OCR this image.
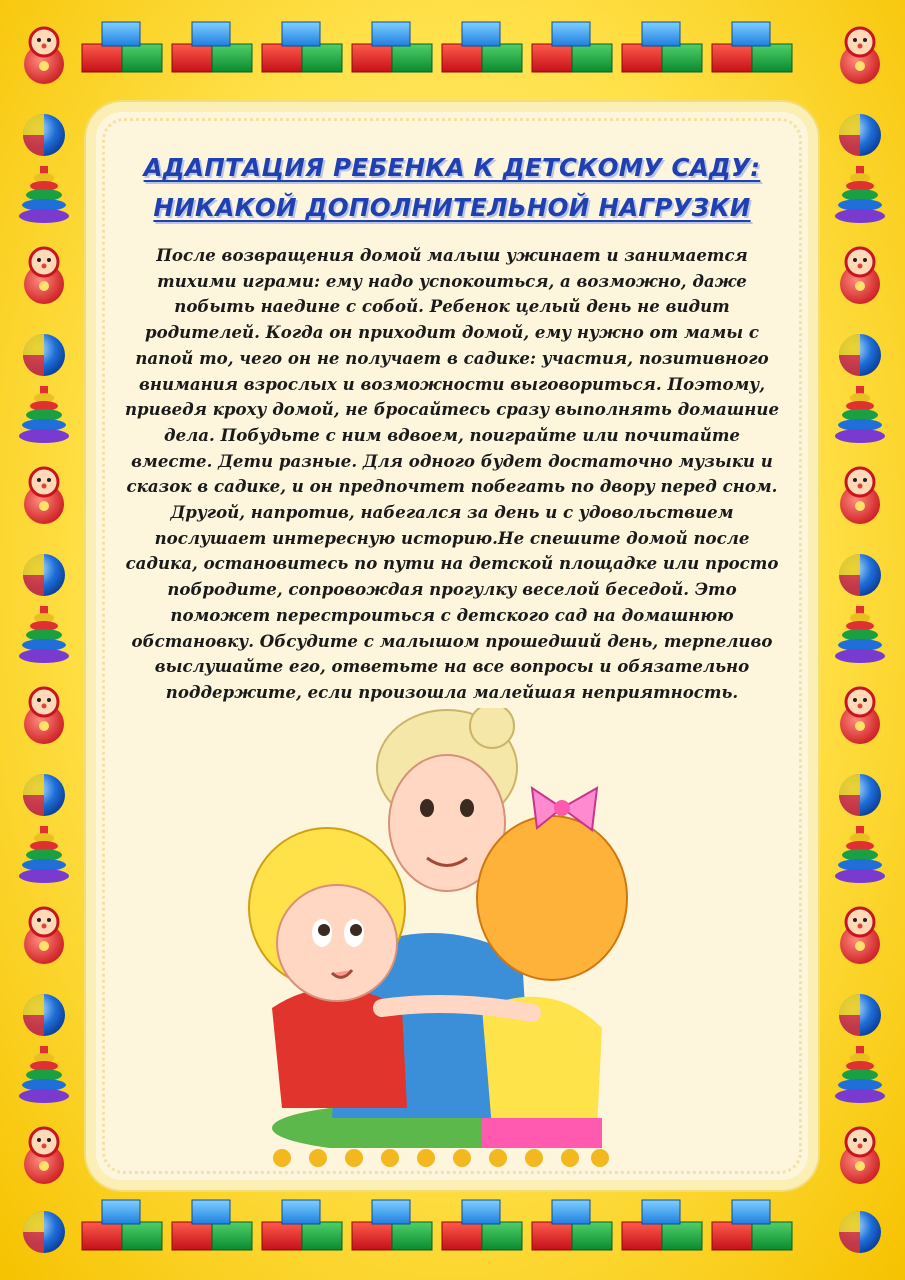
АДАПТАЦИЯ РЕБЕНКА К ДЕТСКОМУ САДУ:
НИКАКОЙ ДОПОЛНИТЕЛЬНОЙ НАГРУЗКИ

После возвращения домой малыш ужинает и занимается тихими играми: ему надо успокоиться, а возможно, даже побыть наедине с собой. Ребенок целый день не видит родителей. Когда он приходит домой, ему нужно от мамы с папой то, чего он не получает в садике: участия, позитивного внимания взрослых и возможности выговориться. Поэтому, приведя кроху домой, не бросайтесь сразу выполнять домашние дела. Побудьте с ним вдвоем, поиграйте или почитайте вместе. Дети разные. Для одного будет достаточно музыки и сказок в садике, и он предпочтет побегать по двору перед сном. Другой, напротив, набегался за день и с удовольствием послушает интересную историю.Не спешите домой после садика, остановитесь по пути на детской площадке или просто побродите, сопровождая прогулку веселой беседой. Это поможет перестроиться с детского сад на домашнюю обстановку. Обсудите с малышом прошедший день, терпеливо выслушайте его, ответьте на все вопросы и обязательно поддержите, если произошла малейшая неприятность.
